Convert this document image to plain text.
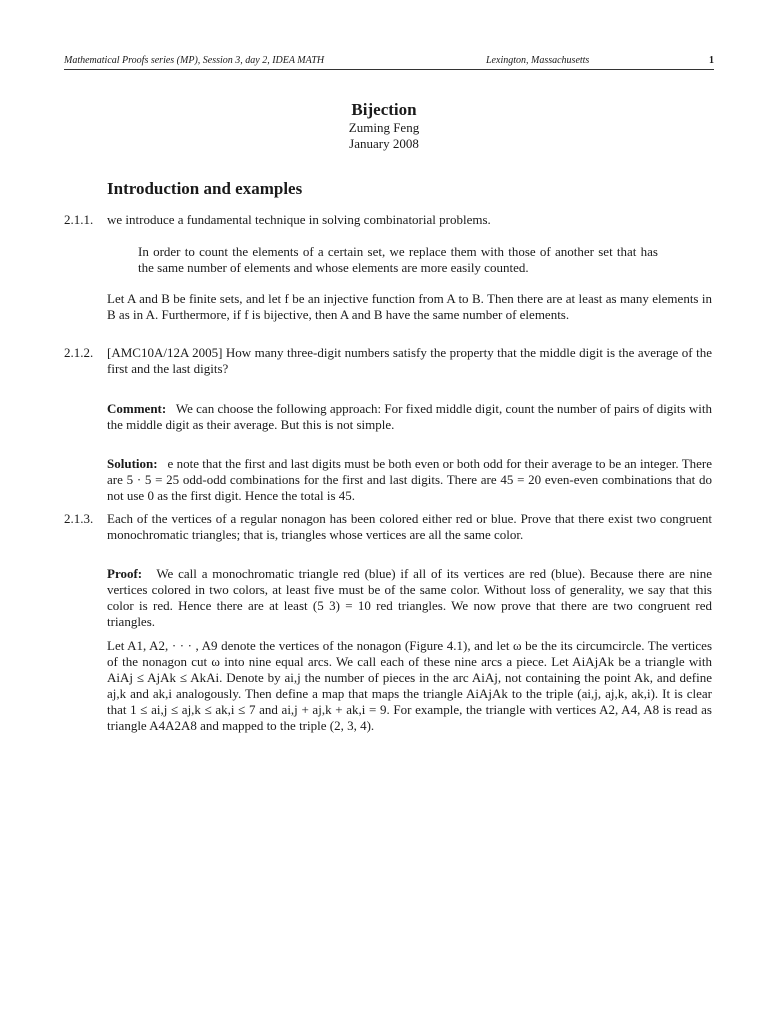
Mathematical Proofs series (MP), Session 3, day 2, IDEA MATH	Lexington, Massachusetts	1
Bijection
Zuming Feng
January 2008
Introduction and examples
2.1.1. we introduce a fundamental technique in solving combinatorial problems.
In order to count the elements of a certain set, we replace them with those of another set that has the same number of elements and whose elements are more easily counted.
Let A and B be finite sets, and let f be an injective function from A to B. Then there are at least as many elements in B as in A. Furthermore, if f is bijective, then A and B have the same number of elements.
2.1.2. [AMC10A/12A 2005] How many three-digit numbers satisfy the property that the middle digit is the average of the first and the last digits?
Comment: We can choose the following approach: For fixed middle digit, count the number of pairs of digits with the middle digit as their average. But this is not simple.
Solution: e note that the first and last digits must be both even or both odd for their average to be an integer. There are 5 · 5 = 25 odd-odd combinations for the first and last digits. There are 45 = 20 even-even combinations that do not use 0 as the first digit. Hence the total is 45.
2.1.3. Each of the vertices of a regular nonagon has been colored either red or blue. Prove that there exist two congruent monochromatic triangles; that is, triangles whose vertices are all the same color.
Proof: We call a monochromatic triangle red (blue) if all of its vertices are red (blue). Because there are nine vertices colored in two colors, at least five must be of the same color. Without loss of generality, we say that this color is red. Hence there are at least (5 3) = 10 red triangles. We now prove that there are two congruent red triangles.
Let A1, A2, · · · , A9 denote the vertices of the nonagon (Figure 4.1), and let ω be the its circumcircle. The vertices of the nonagon cut ω into nine equal arcs. We call each of these nine arcs a piece. Let AiAjAk be a triangle with AiAj ≤ AjAk ≤ AkAi. Denote by ai,j the number of pieces in the arc AiAj, not containing the point Ak, and define aj,k and ak,i analogously. Then define a map that maps the triangle AiAjAk to the triple (ai,j, aj,k, ak,i). It is clear that 1 ≤ ai,j ≤ aj,k ≤ ak,i ≤ 7 and ai,j + aj,k + ak,i = 9. For example, the triangle with vertices A2, A4, A8 is read as triangle A4A2A8 and mapped to the triple (2, 3, 4).
